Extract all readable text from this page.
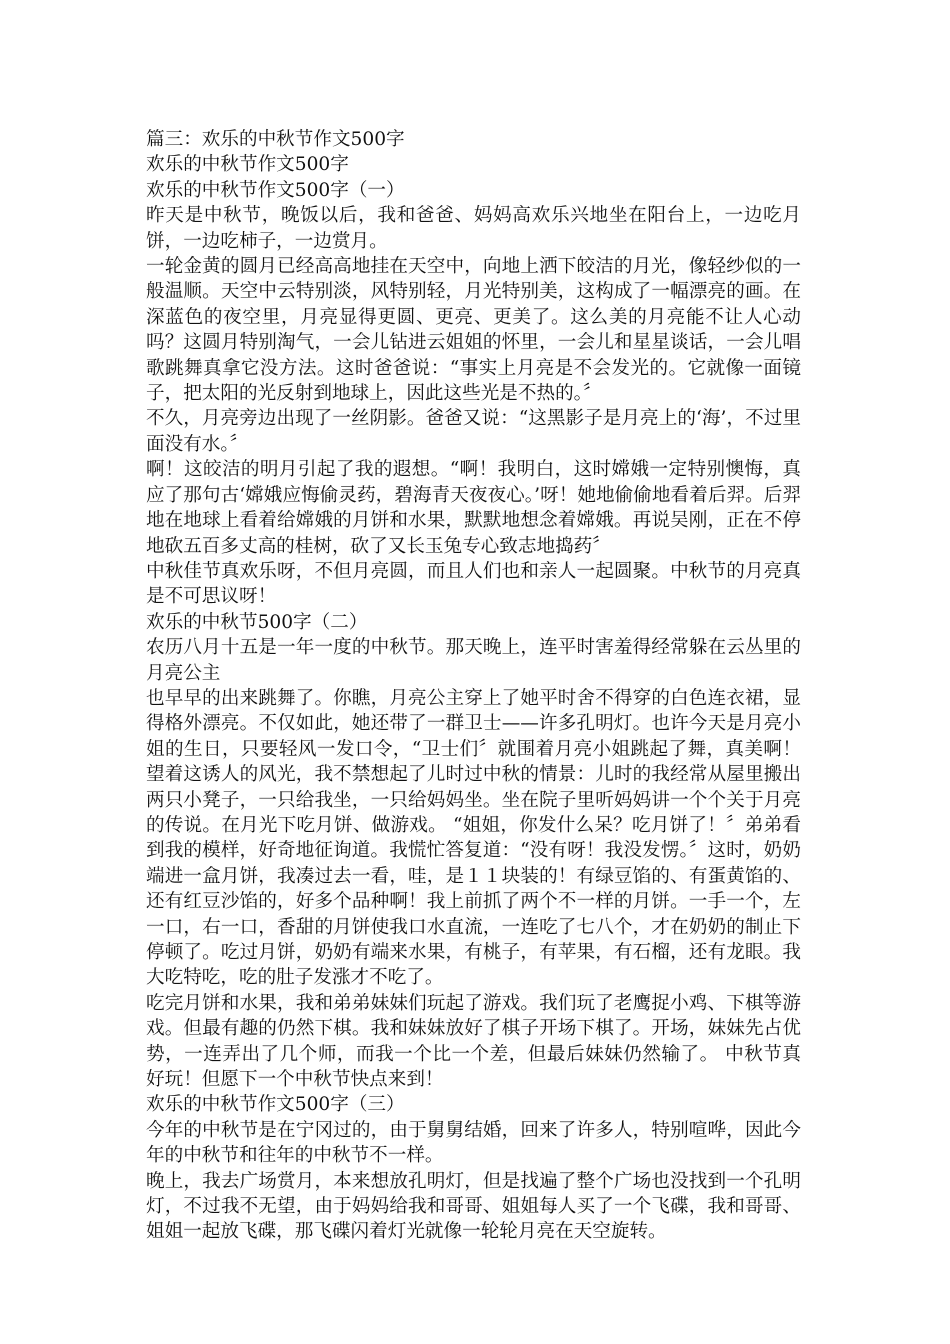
篇三：欢乐的中秋节作文500字

欢乐的中秋节作文500字

欢乐的中秋节作文500字（一）

昨天是中秋节，晚饭以后，我和爸爸、妈妈高欢乐兴地坐在阳台上，一边吃月饼，一边吃柿子，一边赏月。

一轮金黄的圆月已经高高地挂在天空中，向地上洒下皎洁的月光，像轻纱似的一般温顺。天空中云特别淡，风特别轻，月光特别美，这构成了一幅漂亮的画。在深蓝色的夜空里，月亮显得更圆、更亮、更美了。这么美的月亮能不让人心动吗？这圆月特别淘气，一会儿钻进云姐姐的怀里，一会儿和星星谈话，一会儿唱歌跳舞真拿它没方法。这时爸爸说：“事实上月亮是不会发光的。它就像一面镜子，把太阳的光反射到地球上，因此这些光是不热的。〞

不久，月亮旁边出现了一丝阴影。爸爸又说：“这黑影子是月亮上的‘海’，不过里面没有水。〞

啊！这皎洁的明月引起了我的遐想。“啊！我明白，这时嫦娥一定特别懊悔，真应了那句古‘嫦娥应悔偷灵药，碧海青天夜夜心。’呀！她地偷偷地看着后羿。后羿地在地球上看着给嫦娥的月饼和水果，默默地想念着嫦娥。再说吴刚，正在不停地砍五百多丈高的桂树，砍了又长玉兔专心致志地捣药〞

中秋佳节真欢乐呀，不但月亮圆，而且人们也和亲人一起圆聚。中秋节的月亮真是不可思议呀！

欢乐的中秋节500字（二）

农历八月十五是一年一度的中秋节。那天晚上，连平时害羞得经常躲在云丛里的月亮公主

也早早的出来跳舞了。你瞧，月亮公主穿上了她平时舍不得穿的白色连衣裙，显得格外漂亮。不仅如此，她还带了一群卫士——许多孔明灯。也许今天是月亮小姐的生日，只要轻风一发口令，“卫士们〞就围着月亮小姐跳起了舞，真美啊！望着这诱人的风光，我不禁想起了儿时过中秋的情景：儿时的我经常从屋里搬出两只小凳子，一只给我坐，一只给妈妈坐。坐在院子里听妈妈讲一个个关于月亮的传说。在月光下吃月饼、做游戏。 “姐姐，你发什么呆？吃月饼了！〞弟弟看到我的模样，好奇地征询道。我慌忙答复道：“没有呀！我没发愣。〞这时，奶奶端进一盒月饼，我凑过去一看，哇，是１１块装的！有绿豆馅的、有蛋黄馅的、还有红豆沙馅的，好多个品种啊！我上前抓了两个不一样的月饼。一手一个，左一口，右一口，香甜的月饼使我口水直流，一连吃了七八个，才在奶奶的制止下停顿了。吃过月饼，奶奶有端来水果，有桃子，有苹果，有石榴，还有龙眼。我大吃特吃，吃的肚子发涨才不吃了。

吃完月饼和水果，我和弟弟妹妹们玩起了游戏。我们玩了老鹰捉小鸡、下棋等游戏。但最有趣的仍然下棋。我和妹妹放好了棋子开场下棋了。开场，妹妹先占优势，一连弄出了几个师，而我一个比一个差，但最后妹妹仍然输了。 中秋节真好玩！但愿下一个中秋节快点来到！

欢乐的中秋节作文500字（三）

今年的中秋节是在宁冈过的，由于舅舅结婚，回来了许多人，特别喧哗，因此今年的中秋节和往年的中秋节不一样。

晚上，我去广场赏月，本来想放孔明灯，但是找遍了整个广场也没找到一个孔明灯，不过我不无望，由于妈妈给我和哥哥、姐姐每人买了一个飞碟，我和哥哥、姐姐一起放飞碟，那飞碟闪着灯光就像一轮轮月亮在天空旋转。
